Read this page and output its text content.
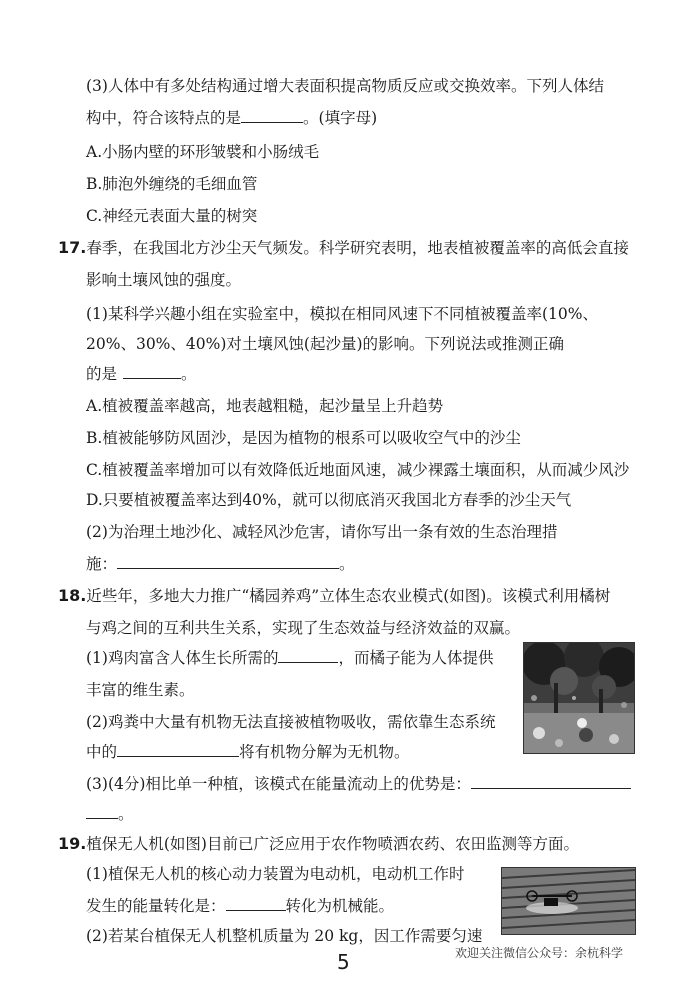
(3)人体中有多处结构通过增大表面积提高物质反应或交换效率。下列人体结
构中，符合该特点的是	。(填字母)
A.小肠内壁的环形皱襞和小肠绒毛
B.肺泡外缠绕的毛细血管
C.神经元表面大量的树突
17.春季，在我国北方沙尘天气频发。科学研究表明，地表植被覆盖率的高低会直接
影响土壤风蚀的强度。
(1)某科学兴趣小组在实验室中，模拟在相同风速下不同植被覆盖率(10%、
20%、30%、40%)对土壤风蚀(起沙量)的影响。下列说法或推测正确
的是	。
A.植被覆盖率越高，地表越粗糙，起沙量呈上升趋势
B.植被能够防风固沙，是因为植物的根系可以吸收空气中的沙尘
C.植被覆盖率增加可以有效降低近地面风速，减少裸露土壤面积，从而减少风沙
D.只要植被覆盖率达到40%，就可以彻底消灭我国北方春季的沙尘天气
(2)为治理土地沙化、减轻风沙危害，请你写出一条有效的生态治理措
施：	。
18.近些年，多地大力推广“橘园养鸡”立体生态农业模式(如图)。该模式利用橘树
与鸡之间的互利共生关系，实现了生态效益与经济效益的双赢。
(1)鸡肉富含人体生长所需的	，而橘子能为人体提供
丰富的维生素。
(2)鸡粪中大量有机物无法直接被植物吸收，需依靠生态系统
中的	将有机物分解为无机物。
(3)(4分)相比单一种植，该模式在能量流动上的优势是：
。
19.植保无人机(如图)目前已广泛应用于农作物喷洒农药、农田监测等方面。
(1)植保无人机的核心动力装置为电动机，电动机工作时
发生的能量转化是：	转化为机械能。
(2)若某台植保无人机整机质量为 20 kg，因工作需要匀速
欢迎关注微信公众号：余杭科学
5
